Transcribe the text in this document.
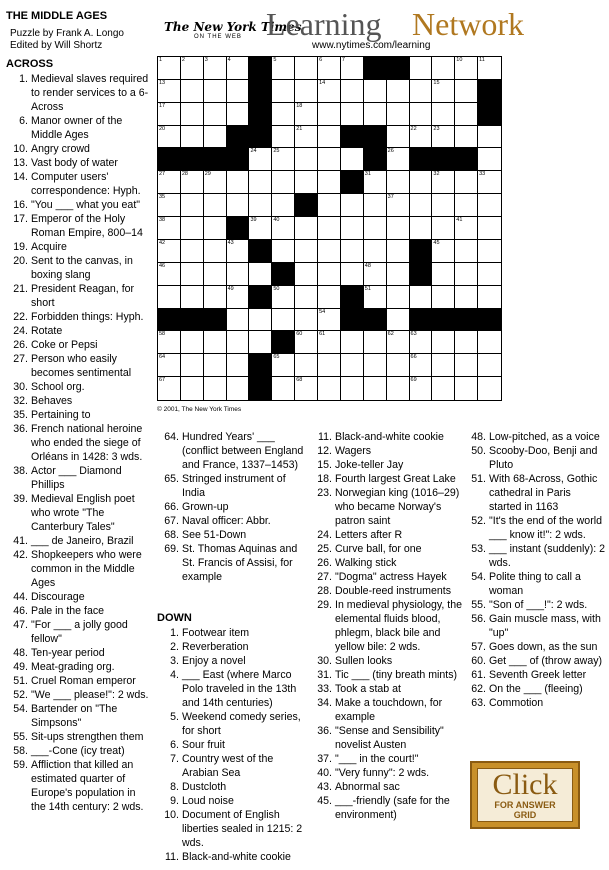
THE MIDDLE AGES
Puzzle by Frank A. Longo
Edited by Will Shortz
The New York Times
ON THE WEB Learning Network
www.nytimes.com/learning
1	2	3	4	5	6	7	10	11
13	14	15
17	18
20	21	22	23
24	25	26
27	28	29	31	32	33
35	37
38	39	40	41
42	43	45
46	48
49	50	51
54
58	60	61	62	63
64	65	66
67	68	69
© 2001, The New York Times
ACROSS
DOWN
1. Medieval slaves required to render services to a 6-Across
6. Manor owner of the Middle Ages
10. Angry crowd
13. Vast body of water
14. Computer users' correspondence: Hyph.
16. "You ___ what you eat"
17. Emperor of the Holy Roman Empire, 800–14
19. Acquire
20. Sent to the canvas, in boxing slang
21. President Reagan, for short
22. Forbidden things: Hyph.
24. Rotate
26. Coke or Pepsi
27. Person who easily becomes sentimental
30. School org.
32. Behaves
35. Pertaining to
36. French national heroine who ended the siege of Orléans in 1428: 3 wds.
38. Actor ___ Diamond Phillips
39. Medieval English poet who wrote "The Canterbury Tales"
41. ___ de Janeiro, Brazil
42. Shopkeepers who were common in the Middle Ages
44. Discourage
46. Pale in the face
47. "For ___ a jolly good fellow"
48. Ten-year period
49. Meat-grading org.
51. Cruel Roman emperor
52. "We ___ please!": 2 wds.
54. Bartender on "The Simpsons"
55. Sit-ups strengthen them
58. ___-Cone (icy treat)
59. Affliction that killed an estimated quarter of Europe's population in the 14th century: 2 wds.
64. Hundred Years' ___ (conflict between England and France, 1337–1453)
65. Stringed instrument of India
66. Grown-up
67. Naval officer: Abbr.
68. See 51-Down
69. St. Thomas Aquinas and St. Francis of Assisi, for example
11. Black-and-white cookie
12. Wagers
15. Joke-teller Jay
18. Fourth largest Great Lake
23. Norwegian king (1016–29) who became Norway's patron saint
24. Letters after R
25. Curve ball, for one
26. Walking stick
27. "Dogma" actress Hayek
28. Double-reed instruments
29. In medieval physiology, the elemental fluids blood, phlegm, black bile and yellow bile: 2 wds.
30. Sullen looks
31. Tic ___ (tiny breath mints)
33. Took a stab at
34. Make a touchdown, for example
36. "Sense and Sensibility" novelist Austen
37. "___ in the court!"
40. "Very funny": 2 wds.
43. Abnormal sac
45. ___-friendly (safe for the environment)
48. Low-pitched, as a voice
50. Scooby-Doo, Benji and Pluto
51. With 68-Across, Gothic cathedral in Paris started in 1163
52. "It's the end of the world ___ know it!": 2 wds.
53. ___ instant (suddenly): 2 wds.
54. Polite thing to call a woman
55. "Son of ___!": 2 wds.
56. Gain muscle mass, with "up"
57. Goes down, as the sun
60. Get ___ of (throw away)
61. Seventh Greek letter
62. On the ___ (fleeing)
63. Commotion
Click
FOR ANSWER
GRID
1. Footwear item
2. Reverberation
3. Enjoy a novel
4. ___ East (where Marco Polo traveled in the 13th and 14th centuries)
5. Weekend comedy series, for short
6. Sour fruit
7. Country west of the Arabian Sea
8. Dustcloth
9. Loud noise
10. Document of English liberties sealed in 1215: 2 wds.
11. Black-and-white cookie
